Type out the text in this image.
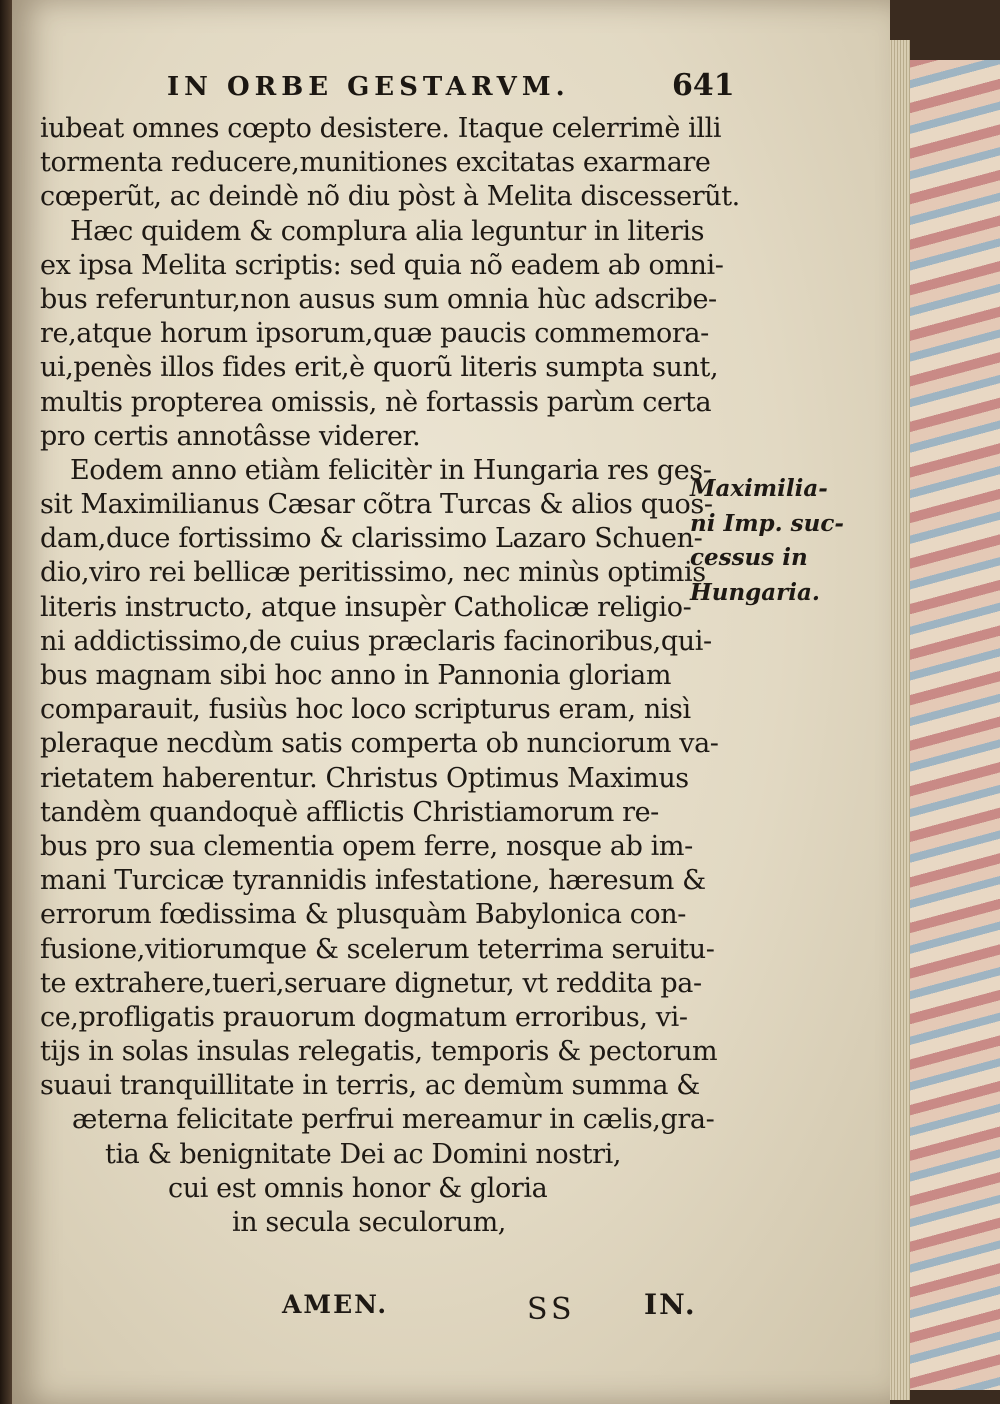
IN ORBE GESTARVM.	641
iubeat omnes cœpto desistere. Itaque celerrimè illi
tormenta reducere,munitiones excitatas exarmare
cœperũt, ac deindè nõ diu pòst à Melita discesserũt.
Hæc quidem & complura alia leguntur in literis
ex ipsa Melita scriptis: sed quia nõ eadem ab omni-
bus referuntur,non ausus sum omnia hùc adscribe-
re,atque horum ipsorum,quæ paucis commemora-
ui,penès illos fides erit,è quorũ literis sumpta sunt,
multis propterea omissis, nè fortassis parùm certa
pro certis annotâsse viderer.
Eodem anno etiàm felicitèr in Hungaria res ges-
sit Maximilianus Cæsar cõtra Turcas & alios quos-
dam,duce fortissimo & clarissimo Lazaro Schuen-
dio,viro rei bellicæ peritissimo, nec minùs optimis
literis instructo, atque insupèr Catholicæ religio-
ni addictissimo,de cuius præclaris facinoribus,qui-
bus magnam sibi hoc anno in Pannonia gloriam
comparauit, fusiùs hoc loco scripturus eram, nisì
pleraque necdùm satis comperta ob nunciorum va-
rietatem haberentur. Christus Optimus Maximus
tandèm quandoquè afflictis Christiamorum re-
bus pro sua clementia opem ferre, nosque ab im-
mani Turcicæ tyrannidis infestatione, hæresum &
errorum fœdissima & plusquàm Babylonica con-
fusione,vitiorumque & scelerum teterrima seruitu-
te extrahere,tueri,seruare dignetur, vt reddita pa-
ce,profligatis prauorum dogmatum erroribus, vi-
tijs in solas insulas relegatis, temporis & pectorum
suaui tranquillitate in terris, ac demùm summa &
æterna felicitate perfrui mereamur in cælis,gra-
tia & benignitate Dei ac Domini nostri,
cui est omnis honor & gloria
in secula seculorum,
Maximilia-
ni Imp. suc-
cessus in
Hungaria.
AMEN.	SS IN.
